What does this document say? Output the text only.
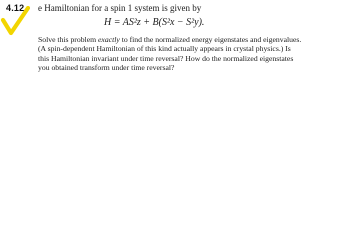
4.12 e Hamiltonian for a spin 1 system is given by
H = AS²z + B(S²x − S²y).
Solve this problem exactly to find the normalized energy eigenstates and eigenvalues.
(A spin-dependent Hamiltonian of this kind actually appears in crystal physics.) Is
this Hamiltonian invariant under time reversal? How do the normalized eigenstates
you obtained transform under time reversal?
